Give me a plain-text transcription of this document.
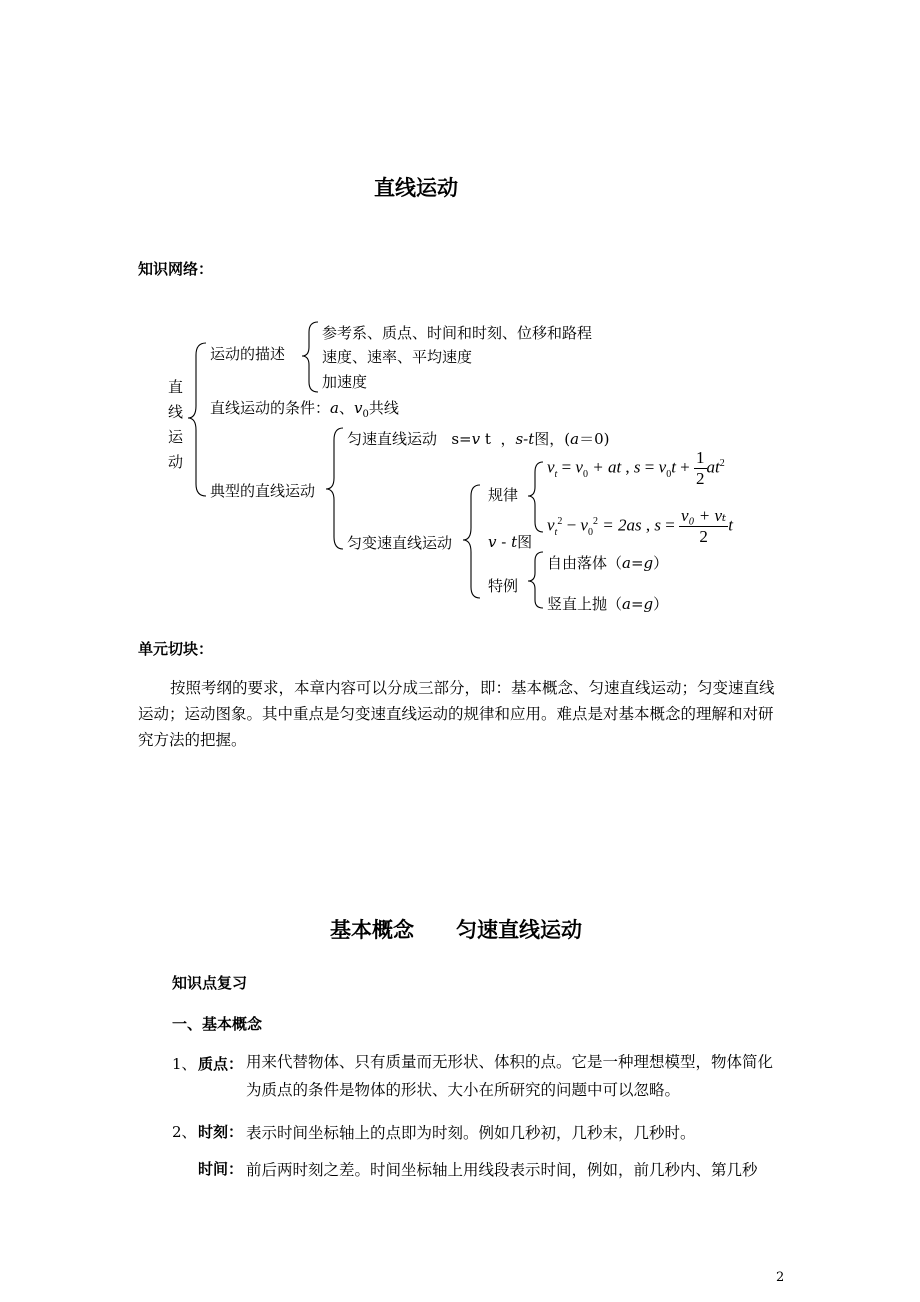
直线运动
知识网络：
直
线
运
动
运动的描述
参考系、质点、时间和时刻、位移和路程
速度、速率、平均速度
加速度
直线运动的条件：a、$v_0$共线
典型的直线运动
匀速直线运动 s=v t ，s-t图，(a＝0)
匀变速直线运动
规律
$v_t = v_0$ + at , $s = v_0t + \frac{1}{2} at^2$
$v_t^2 - v_0^2 = 2as$ , $s = \frac{\text{v₀ + vₜ}}{2}$ t
v - t图
特例
自由落体（a=g）
竖直上抛（a=g）
单元切块：
按照考纲的要求，本章内容可以分成三部分，即：基本概念、匀速直线运动；匀变速直线运动；运动图象。其中重点是匀变速直线运动的规律和应用。难点是对基本概念的理解和对研究方法的把握。
基本概念　　匀速直线运动
知识点复习
一、基本概念
1、 质点： 用来代替物体、只有质量而无形状、体积的点。它是一种理想模型，物体简化为质点的条件是物体的形状、大小在所研究的问题中可以忽略。
2、 时刻： 表示时间坐标轴上的点即为时刻。例如几秒初，几秒末，几秒时。
时间： 前后两时刻之差。时间坐标轴上用线段表示时间，例如，前几秒内、第几秒
2
